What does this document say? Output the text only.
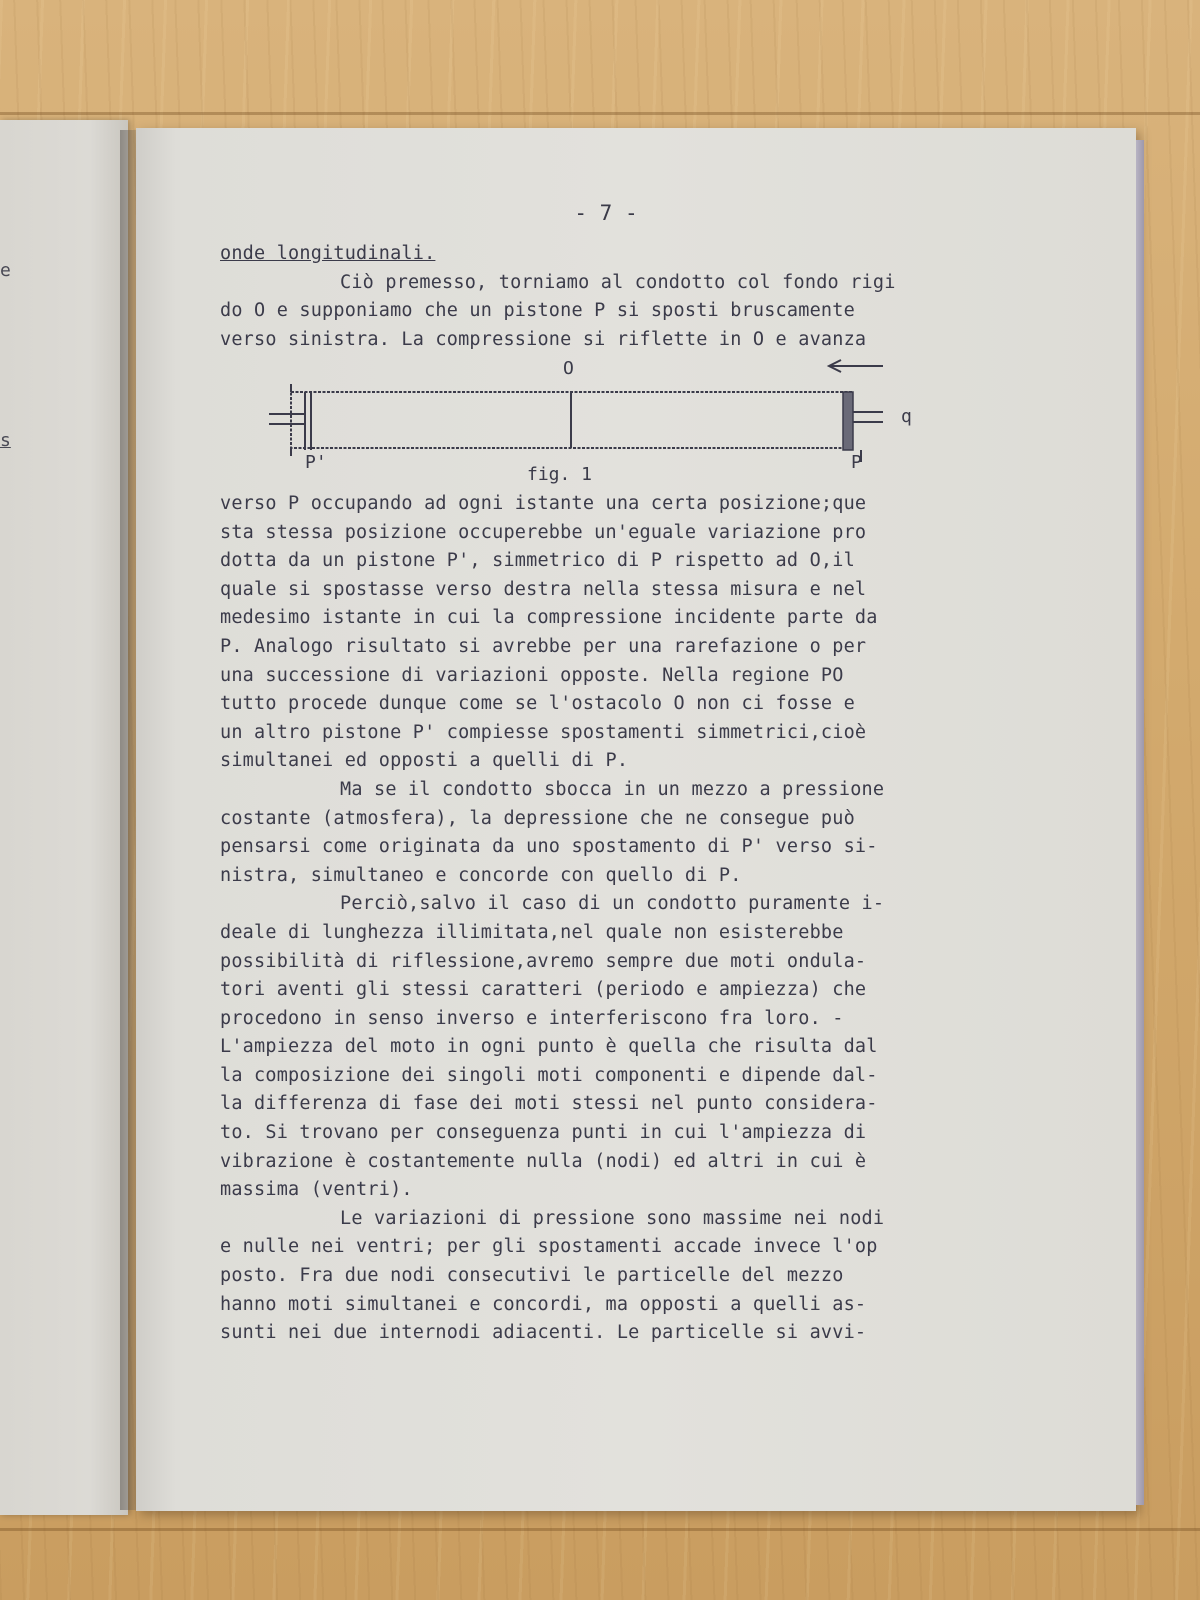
e
s
- 7 -
onde longitudinali.
Ciò premesso, torniamo al condotto col fondo rigi
do O e supponiamo che un pistone P si sposti bruscamente
verso sinistra. La compressione si riflette in O e avanza
O
q
P'	P
fig. 1
verso P occupando ad ogni istante una certa posizione;que
sta stessa posizione occuperebbe un'eguale variazione pro
dotta da un pistone P', simmetrico di P rispetto ad O,il
quale si spostasse verso destra nella stessa misura e nel
medesimo istante in cui la compressione incidente parte da
P. Analogo risultato si avrebbe per una rarefazione o per
una successione di variazioni opposte. Nella regione PO
tutto procede dunque come se l'ostacolo O non ci fosse e
un altro pistone P' compiesse spostamenti simmetrici,cioè
simultanei ed opposti a quelli di P.
Ma se il condotto sbocca in un mezzo a pressione
costante (atmosfera), la depressione che ne consegue può
pensarsi come originata da uno spostamento di P' verso si-
nistra, simultaneo e concorde con quello di P.
Perciò,salvo il caso di un condotto puramente i-
deale di lunghezza illimitata,nel quale non esisterebbe
possibilità di riflessione,avremo sempre due moti ondula-
tori aventi gli stessi caratteri (periodo e ampiezza) che
procedono in senso inverso e interferiscono fra loro. -
L'ampiezza del moto in ogni punto è quella che risulta dal
la composizione dei singoli moti componenti e dipende dal-
la differenza di fase dei moti stessi nel punto considera-
to. Si trovano per conseguenza punti in cui l'ampiezza di
vibrazione è costantemente nulla (nodi) ed altri in cui è
massima (ventri).
Le variazioni di pressione sono massime nei nodi
e nulle nei ventri; per gli spostamenti accade invece l'op
posto. Fra due nodi consecutivi le particelle del mezzo
hanno moti simultanei e concordi, ma opposti a quelli as-
sunti nei due internodi adiacenti. Le particelle si avvi-
